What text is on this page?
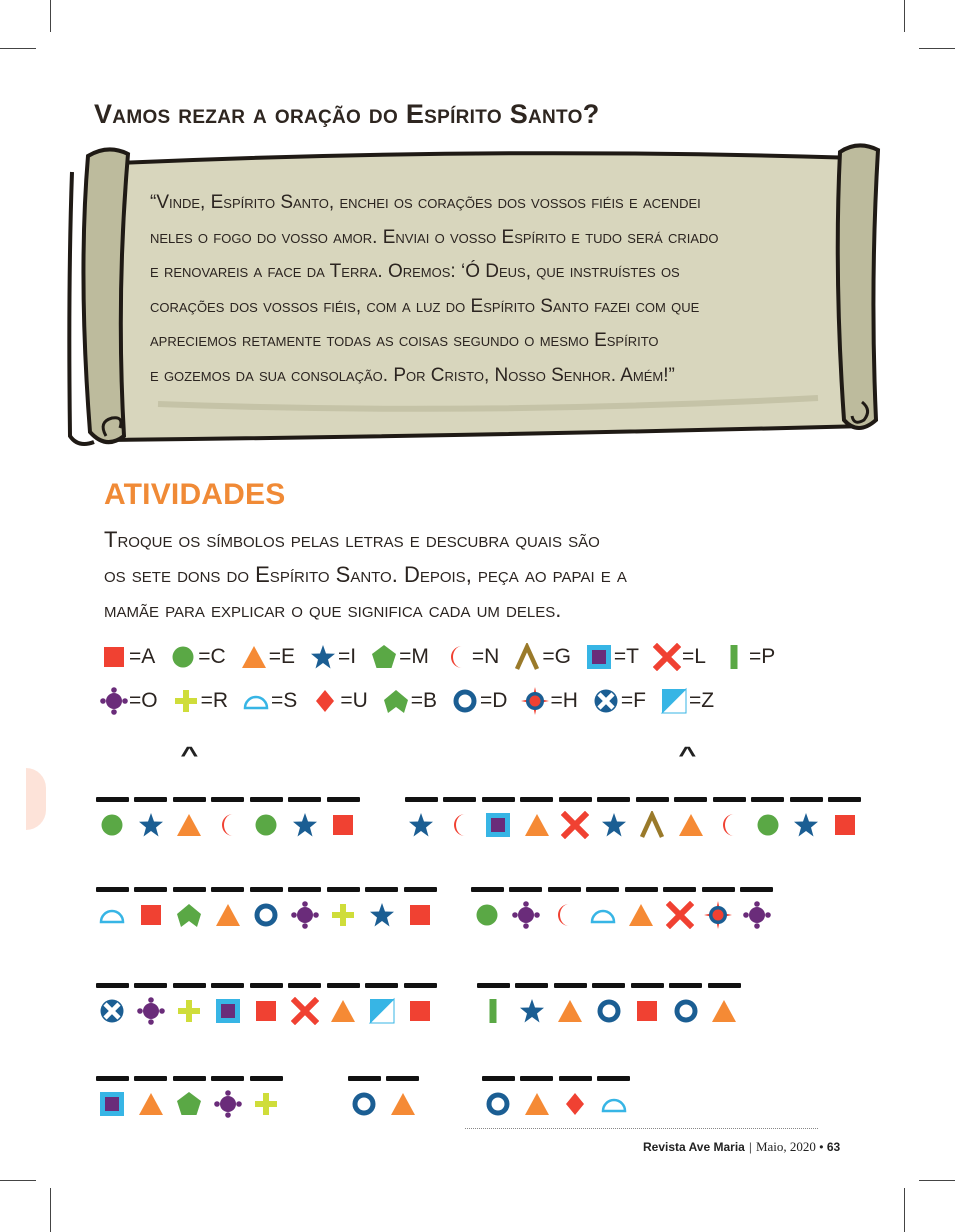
Vamos rezar a oração do Espírito Santo?
“Vinde, Espírito Santo, enchei os corações dos vossos fiéis e acendei
neles o fogo do vosso amor. Enviai o vosso Espírito e tudo será criado
e renovareis a face da Terra. Oremos: ‘Ó Deus, que instruístes os
corações dos vossos fiéis, com a luz do Espírito Santo fazei com que
apreciemos retamente todas as coisas segundo o mesmo Espírito
e gozemos da sua consolação. Por Cristo, Nosso Senhor. Amém!”
ATIVIDADES
Troque os símbolos pelas letras e descubra quais são
os sete dons do Espírito Santo. Depois, peça ao papai e a
mamãe para explicar o que significa cada um deles.
=A =C =E =I =M =N =G =T =L =P
=O =R =S =U =B =D =H =F =Z
^	^
Revista Ave Maria | Maio, 2020 • 63
